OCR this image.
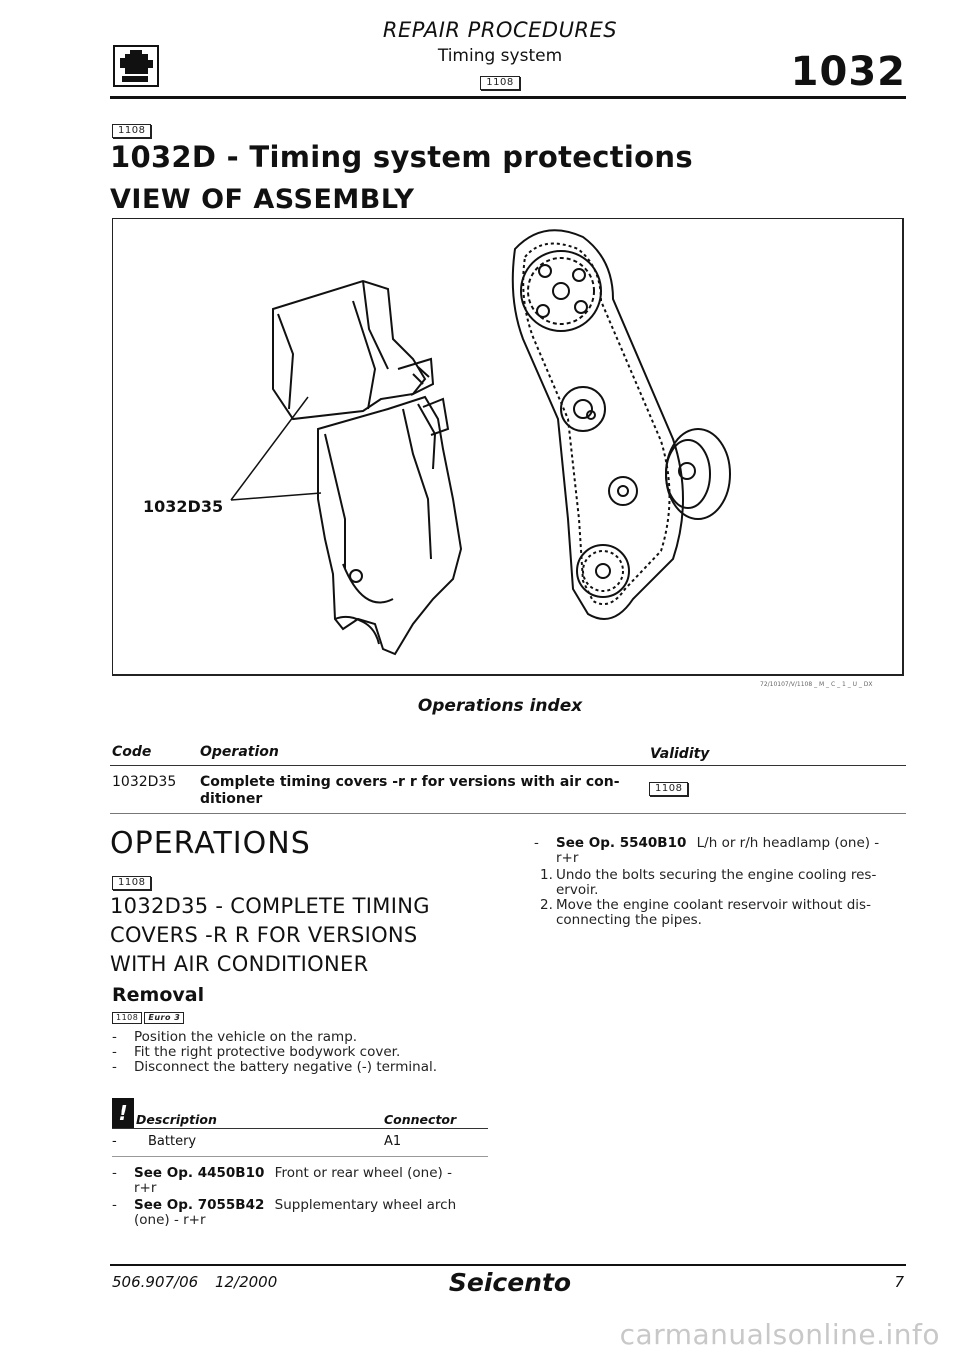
REPAIR PROCEDURES
Timing system
1108	1032
1108
1032D - Timing system protections
VIEW OF ASSEMBLY
1032D35
72/10107/V/1108 _ M _ C _ 1 _ U _ DX
Operations index
Code	Operation	Validity
1032D35 Complete timing covers -r r for versions with air con-
ditioner
1108
OPERATIONS
1108
1032D35 - COMPLETE TIMING
COVERS -R R FOR VERSIONS
WITH AIR CONDITIONER
Removal
1108	Euro 3
-	Position the vehicle on the ramp.
-	Fit the right protective bodywork cover.
-	Disconnect the battery negative (-) terminal.
! Description	Connector
- Battery	A1
-	See Op. 4450B10 Front or rear wheel (one) -
r+r
-	See Op. 7055B42 Supplementary wheel arch
(one) - r+r
-	See Op. 5540B10 L/h or r/h headlamp (one) -
r+r
1. Undo the bolts securing the engine cooling res-
ervoir.
2. Move the engine coolant reservoir without dis-
connecting the pipes.
506.907/06 12/2000	Seicento	7
carmanualsonline.info
